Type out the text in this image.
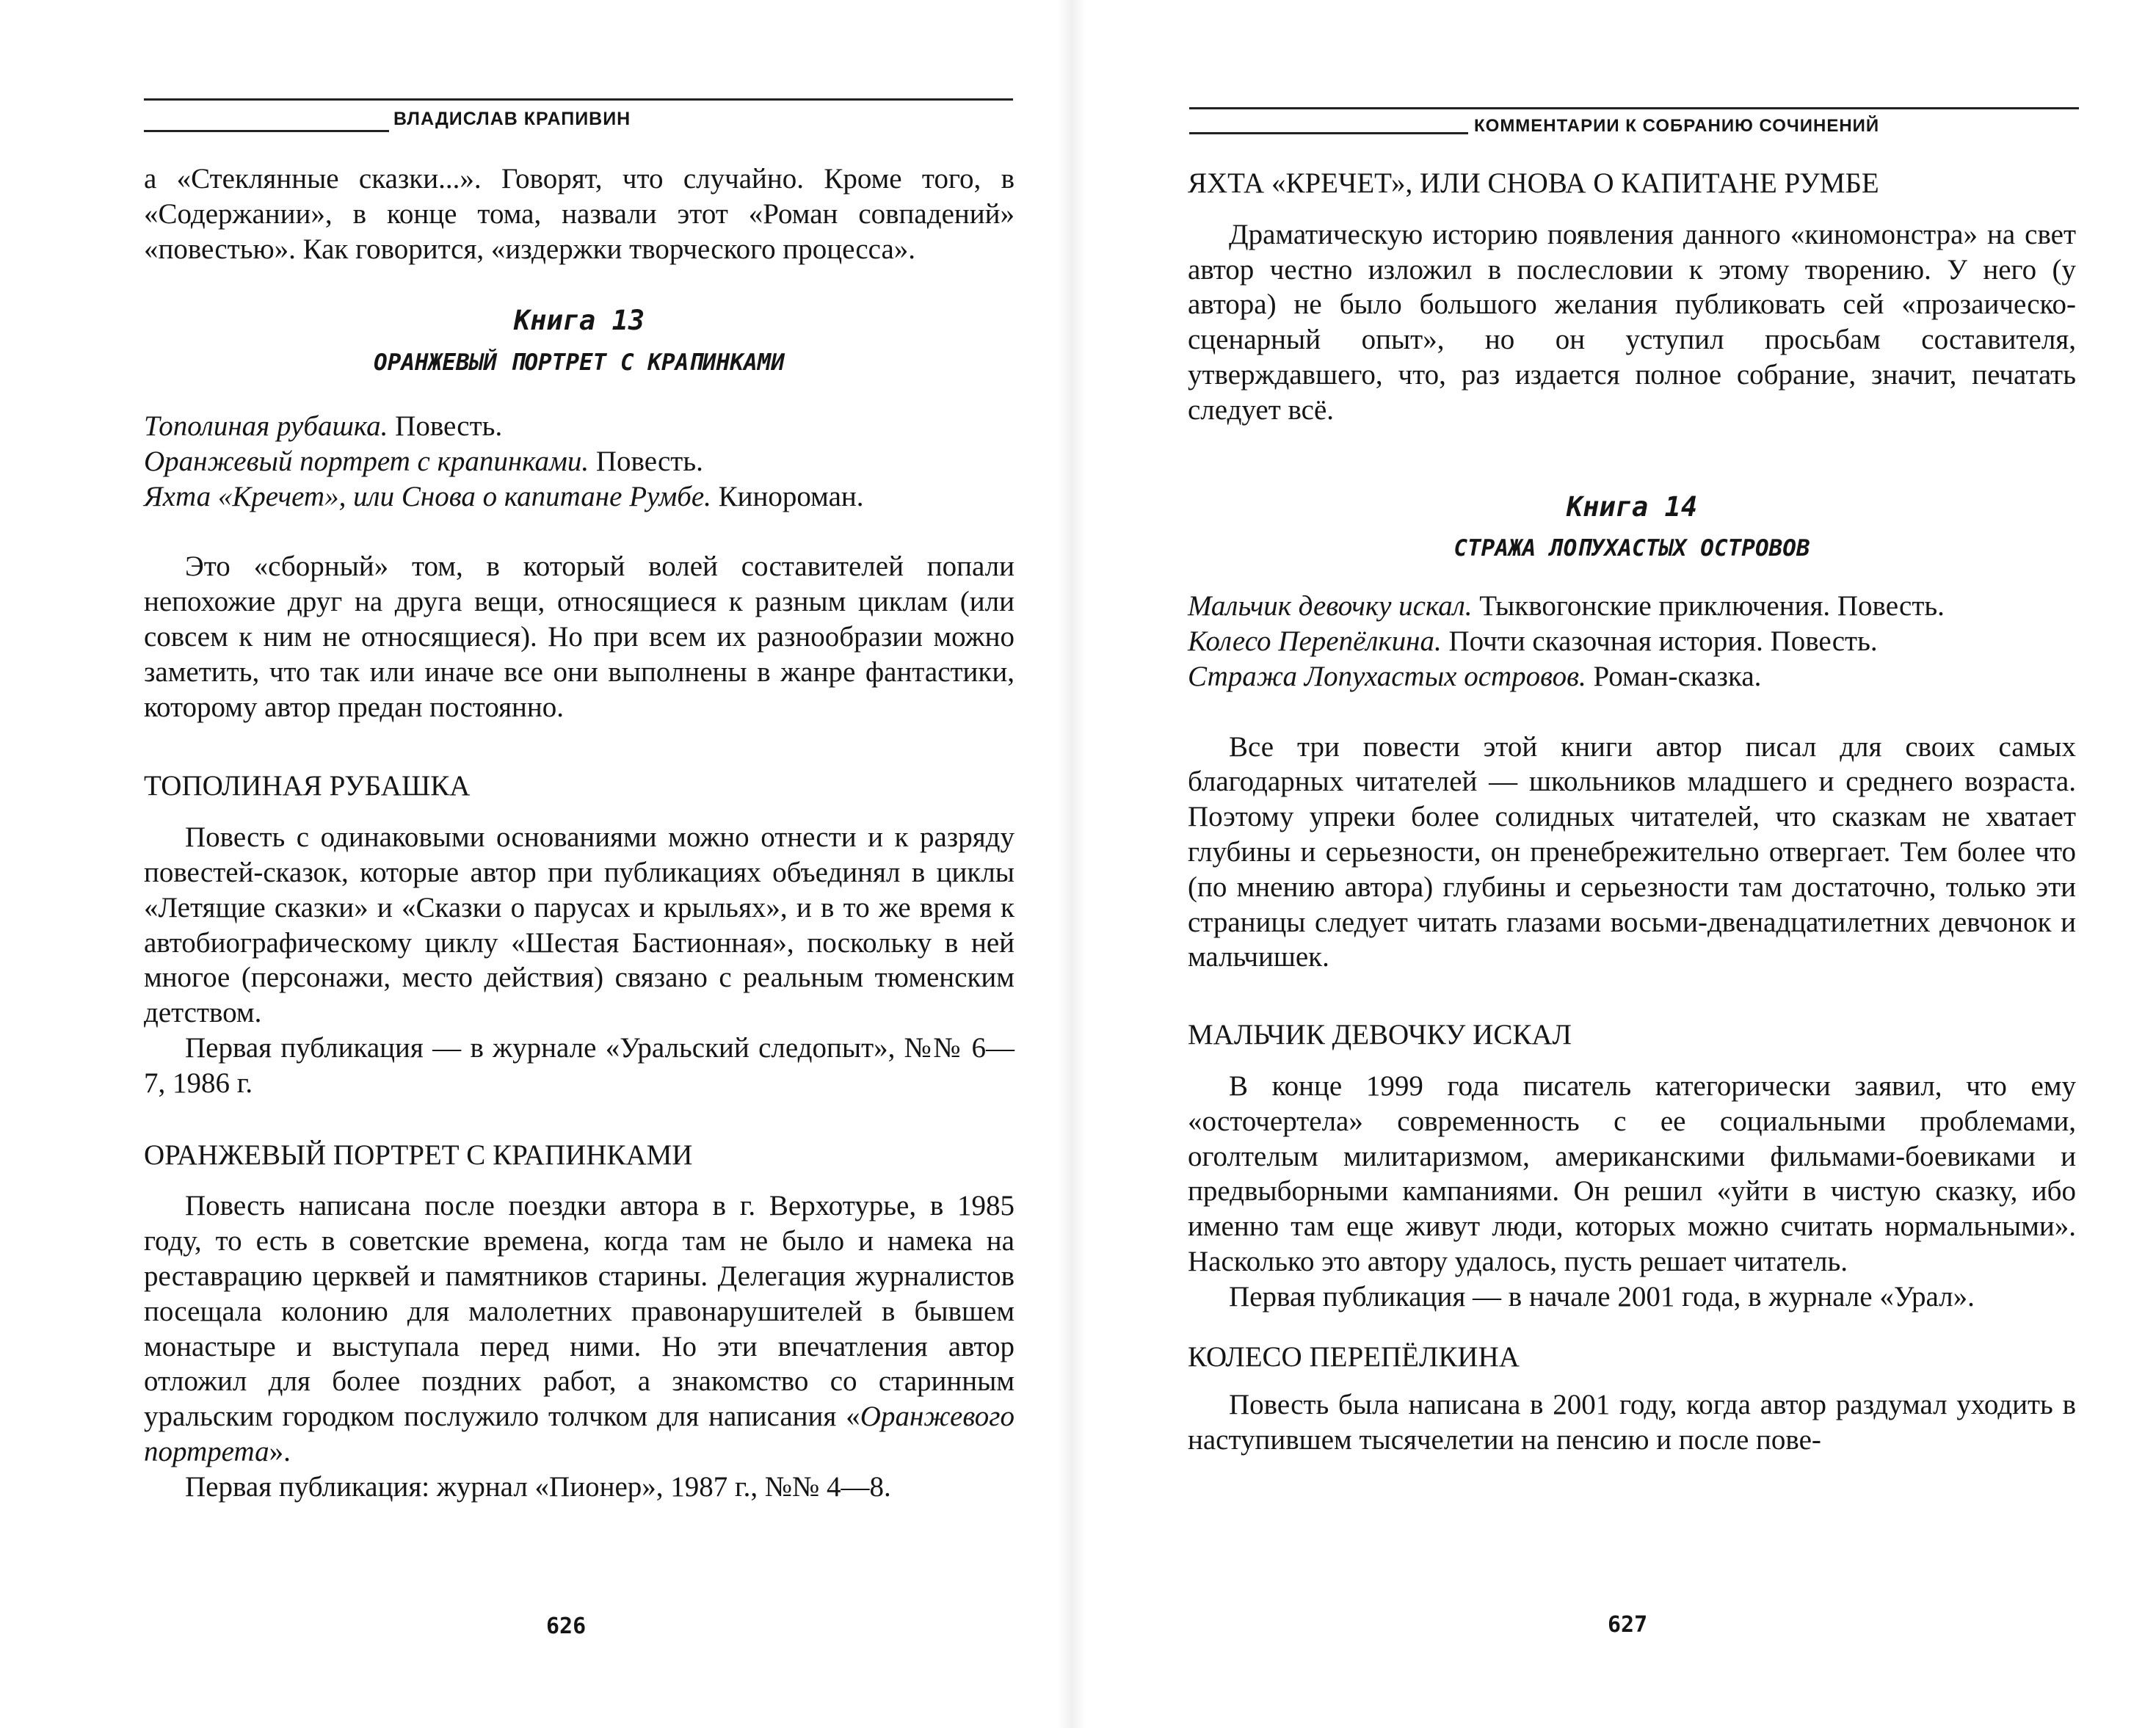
ВЛАДИСЛАВ КРАПИВИН

а «Стеклянные сказки...». Говорят, что случайно. Кроме того, в «Содержании», в конце тома, назвали этот «Роман совпадений» «повестью». Как говорится, «издержки творческого процесса».

Книга 13
ОРАНЖЕВЫЙ ПОРТРЕТ С КРАПИНКАМИ

Тополиная рубашка. Повесть.

Оранжевый портрет с крапинками. Повесть.

Яхта «Кречет», или Снова о капитане Румбе. Кинороман.

Это «сборный» том, в который волей составителей попали непохожие друг на друга вещи, относящиеся к разным циклам (или совсем к ним не относящиеся). Но при всем их разнообразии можно заметить, что так или иначе все они выполнены в жанре фантастики, которому автор предан постоянно.

ТОПОЛИНАЯ РУБАШКА

Повесть с одинаковыми основаниями можно отнести и к разряду повестей-сказок, которые автор при публикациях объединял в циклы «Летящие сказки» и «Сказки о парусах и крыльях», и в то же время к автобиографическому циклу «Шестая Бастионная», поскольку в ней многое (персонажи, место действия) связано с реальным тюменским детством.

Первая публикация — в журнале «Уральский следопыт», №№ 6—7, 1986 г.

ОРАНЖЕВЫЙ ПОРТРЕТ С КРАПИНКАМИ

Повесть написана после поездки автора в г. Верхотурье, в 1985 году, то есть в советские времена, когда там не было и намека на реставрацию церквей и памятников старины. Делегация журналистов посещала колонию для малолетних правонарушителей в бывшем монастыре и выступала перед ними. Но эти впечатления автор отложил для более поздних работ, а знакомство со старинным уральским городком послужило толчком для написания «Оранжевого портрета».

Первая публикация: журнал «Пионер», 1987 г., №№ 4—8.

626
КОММЕНТАРИИ К СОБРАНИЮ СОЧИНЕНИЙ

ЯХТА «КРЕЧЕТ», ИЛИ СНОВА О КАПИТАНЕ РУМБЕ

Драматическую историю появления данного «киномонстра» на свет автор честно изложил в послесловии к этому творению. У него (у автора) не было большого желания публиковать сей «прозаическо-сценарный опыт», но он уступил просьбам составителя, утверждавшего, что, раз издается полное собрание, значит, печатать следует всё.

Книга 14
СТРАЖА ЛОПУХАСТЫХ ОСТРОВОВ

Мальчик девочку искал. Тыквогонские приключения. Повесть.

Колесо Перепёлкина. Почти сказочная история. Повесть.

Стража Лопухастых островов. Роман-сказка.

Все три повести этой книги автор писал для своих самых благодарных читателей — школьников младшего и среднего возраста. Поэтому упреки более солидных читателей, что сказкам не хватает глубины и серьезности, он пренебрежительно отвергает. Тем более что (по мнению автора) глубины и серьезности там достаточно, только эти страницы следует читать глазами восьми-двенадцатилетних девчонок и мальчишек.

МАЛЬЧИК ДЕВОЧКУ ИСКАЛ

В конце 1999 года писатель категорически заявил, что ему «осточертела» современность с ее социальными проблемами, оголтелым милитаризмом, американскими фильмами-боевиками и предвыборными кампаниями. Он решил «уйти в чистую сказку, ибо именно там еще живут люди, которых можно считать нормальными». Насколько это автору удалось, пусть решает читатель.

Первая публикация — в начале 2001 года, в журнале «Урал».

КОЛЕСО ПЕРЕПЁЛКИНА

Повесть была написана в 2001 году, когда автор раздумал уходить в наступившем тысячелетии на пенсию и после пове-

627
